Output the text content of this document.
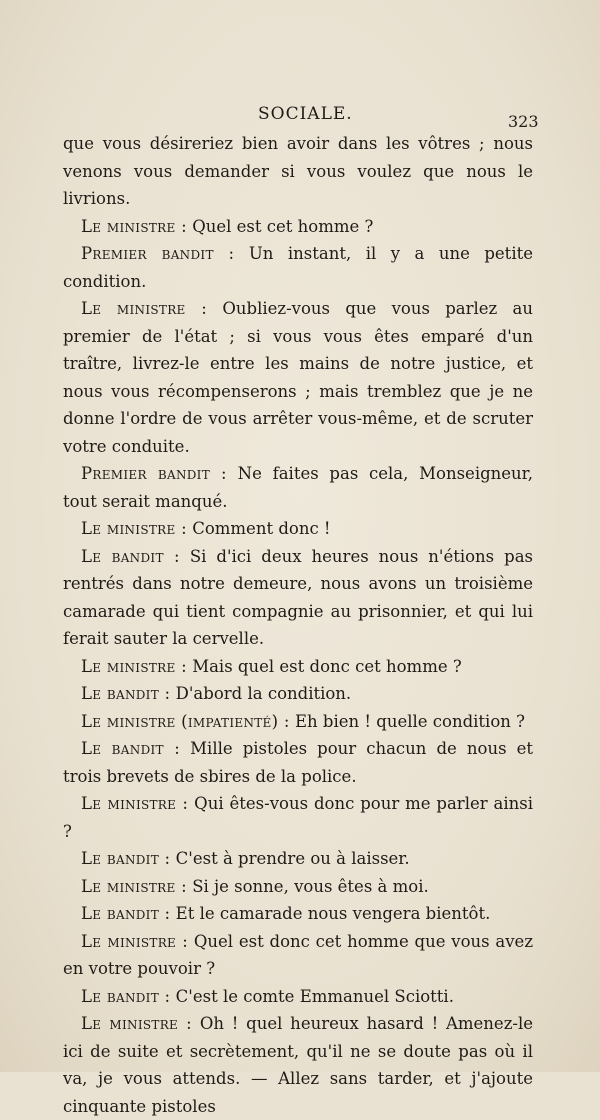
SOCIALE.	323

que vous désireriez bien avoir dans les vôtres ; nous venons vous demander si vous voulez que nous le livrions.

Le ministre : Quel est cet homme ?

Premier bandit : Un instant, il y a une petite condition.

Le ministre : Oubliez-vous que vous parlez au premier de l'état ; si vous vous êtes emparé d'un traître, livrez-le entre les mains de notre justice, et nous vous récompenserons ; mais tremblez que je ne donne l'ordre de vous arrêter vous-même, et de scruter votre conduite.

Premier bandit : Ne faites pas cela, Monseigneur, tout serait manqué.

Le ministre : Comment donc !

Le bandit : Si d'ici deux heures nous n'étions pas rentrés dans notre demeure, nous avons un troisième camarade qui tient compagnie au prisonnier, et qui lui ferait sauter la cervelle.

Le ministre : Mais quel est donc cet homme ?

Le bandit : D'abord la condition.

Le ministre (impatienté) : Eh bien ! quelle condition ?

Le bandit : Mille pistoles pour chacun de nous et trois brevets de sbires de la police.

Le ministre : Qui êtes-vous donc pour me parler ainsi ?

Le bandit : C'est à prendre ou à laisser.

Le ministre : Si je sonne, vous êtes à moi.

Le bandit : Et le camarade nous vengera bientôt.

Le ministre : Quel est donc cet homme que vous avez en votre pouvoir ?

Le bandit : C'est le comte Emmanuel Sciotti.

Le ministre : Oh ! quel heureux hasard ! Amenez-le ici de suite et secrètement, qu'il ne se doute pas où il va, je vous attends. — Allez sans tarder, et j'ajoute cinquante pistoles
